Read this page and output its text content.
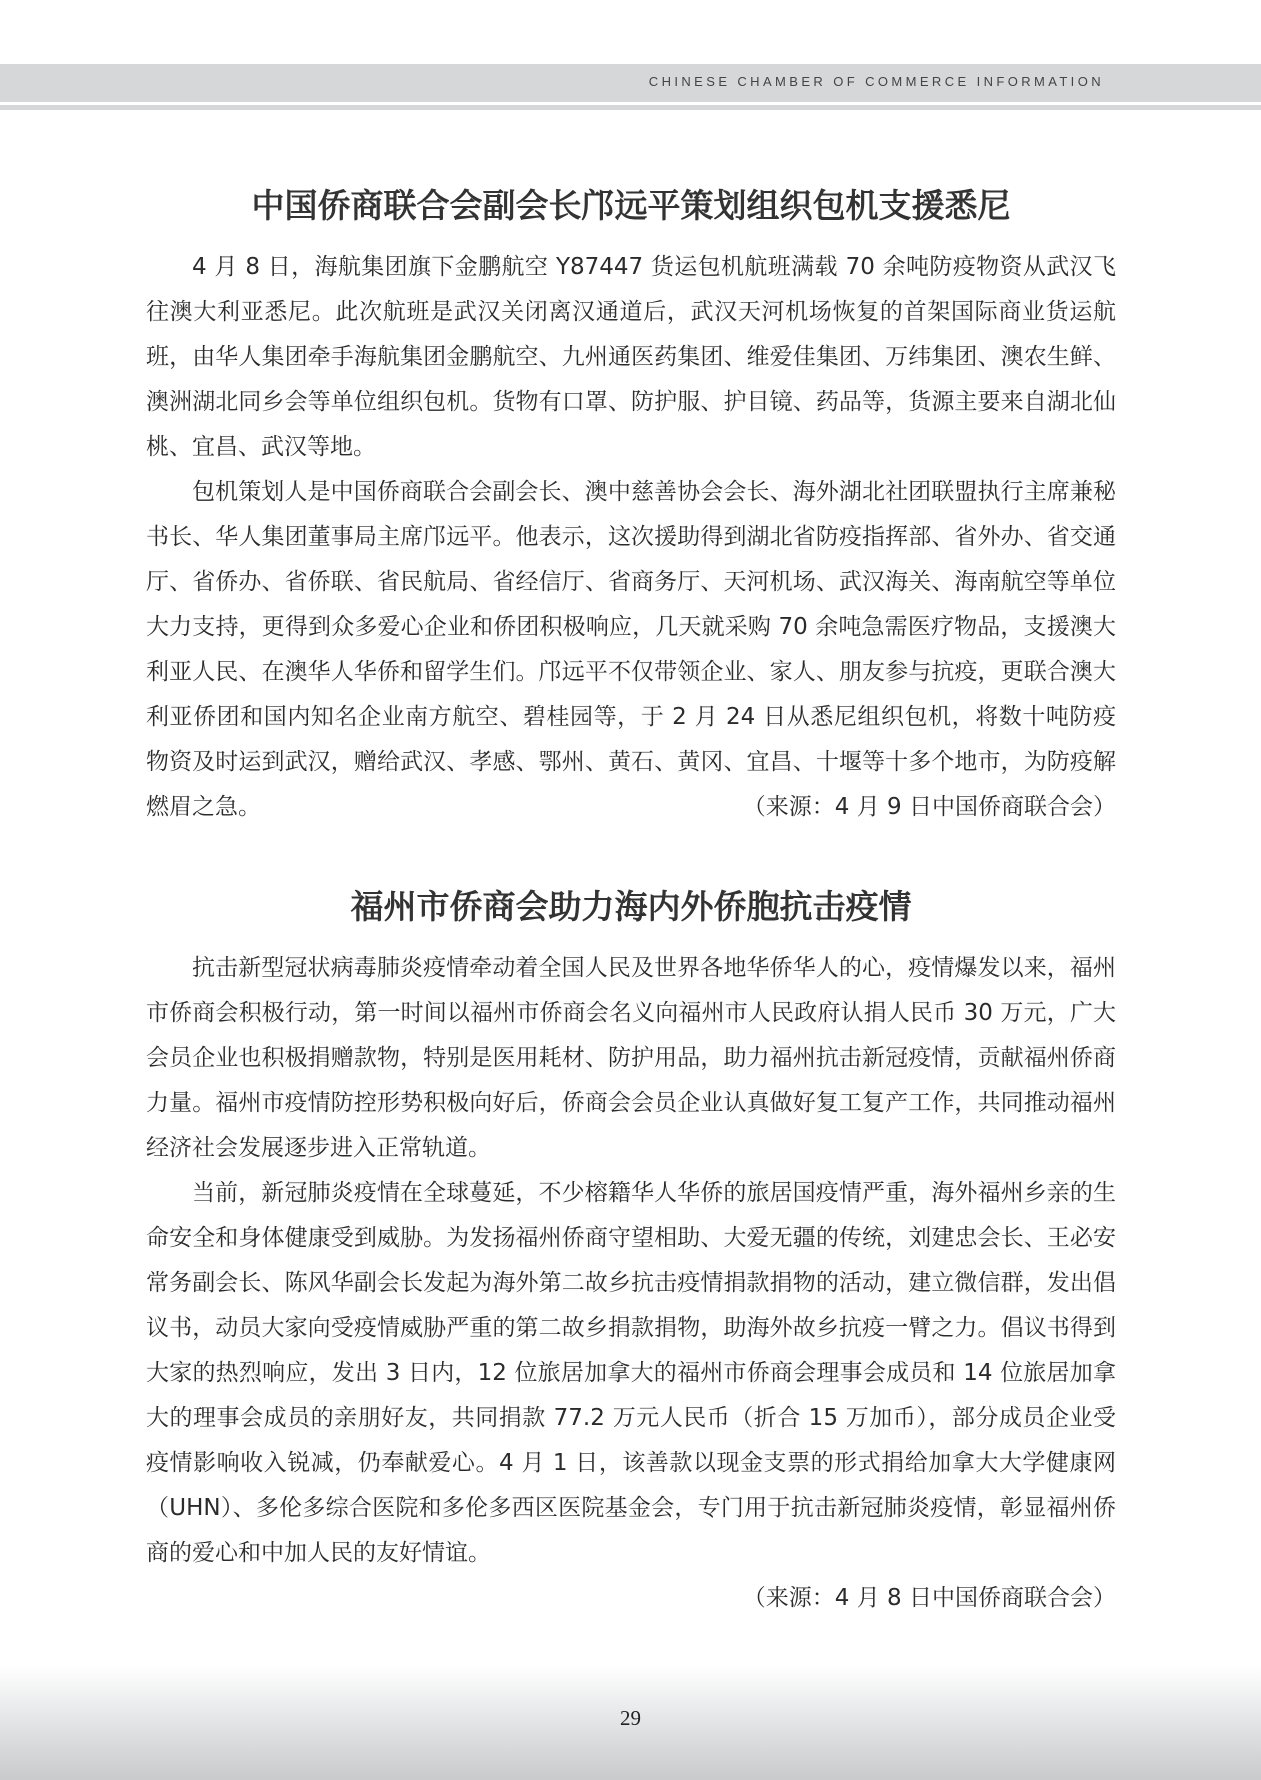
CHINESE CHAMBER OF COMMERCE INFORMATION
中国侨商联合会副会长邝远平策划组织包机支援悉尼

4 月 8 日，海航集团旗下金鹏航空 Y87447 货运包机航班满载 70 余吨防疫物资从武汉飞往澳大利亚悉尼。此次航班是武汉关闭离汉通道后，武汉天河机场恢复的首架国际商业货运航班，由华人集团牵手海航集团金鹏航空、九州通医药集团、维爱佳集团、万纬集团、澳农生鲜、澳洲湖北同乡会等单位组织包机。货物有口罩、防护服、护目镜、药品等，货源主要来自湖北仙桃、宜昌、武汉等地。

包机策划人是中国侨商联合会副会长、澳中慈善协会会长、海外湖北社团联盟执行主席兼秘书长、华人集团董事局主席邝远平。他表示，这次援助得到湖北省防疫指挥部、省外办、省交通厅、省侨办、省侨联、省民航局、省经信厅、省商务厅、天河机场、武汉海关、海南航空等单位大力支持，更得到众多爱心企业和侨团积极响应，几天就采购 70 余吨急需医疗物品，支援澳大利亚人民、在澳华人华侨和留学生们。邝远平不仅带领企业、家人、朋友参与抗疫，更联合澳大利亚侨团和国内知名企业南方航空、碧桂园等，于 2 月 24 日从悉尼组织包机，将数十吨防疫物资及时运到武汉，赠给武汉、孝感、鄂州、黄石、黄冈、宜昌、十堰等十多个地市，为防疫解燃眉之急。	（来源：4 月 9 日中国侨商联合会）

福州市侨商会助力海内外侨胞抗击疫情

抗击新型冠状病毒肺炎疫情牵动着全国人民及世界各地华侨华人的心，疫情爆发以来，福州市侨商会积极行动，第一时间以福州市侨商会名义向福州市人民政府认捐人民币 30 万元，广大会员企业也积极捐赠款物，特别是医用耗材、防护用品，助力福州抗击新冠疫情，贡献福州侨商力量。福州市疫情防控形势积极向好后，侨商会会员企业认真做好复工复产工作，共同推动福州经济社会发展逐步进入正常轨道。

当前，新冠肺炎疫情在全球蔓延，不少榕籍华人华侨的旅居国疫情严重，海外福州乡亲的生命安全和身体健康受到威胁。为发扬福州侨商守望相助、大爱无疆的传统，刘建忠会长、王必安常务副会长、陈风华副会长发起为海外第二故乡抗击疫情捐款捐物的活动，建立微信群，发出倡议书，动员大家向受疫情威胁严重的第二故乡捐款捐物，助海外故乡抗疫一臂之力。倡议书得到大家的热烈响应，发出 3 日内，12 位旅居加拿大的福州市侨商会理事会成员和 14 位旅居加拿大的理事会成员的亲朋好友，共同捐款 77.2 万元人民币（折合 15 万加币），部分成员企业受疫情影响收入锐减，仍奉献爱心。4 月 1 日，该善款以现金支票的形式捐给加拿大大学健康网（UHN）、多伦多综合医院和多伦多西区医院基金会，专门用于抗击新冠肺炎疫情，彰显福州侨商的爱心和中加人民的友好情谊。

（来源：4 月 8 日中国侨商联合会）

29
